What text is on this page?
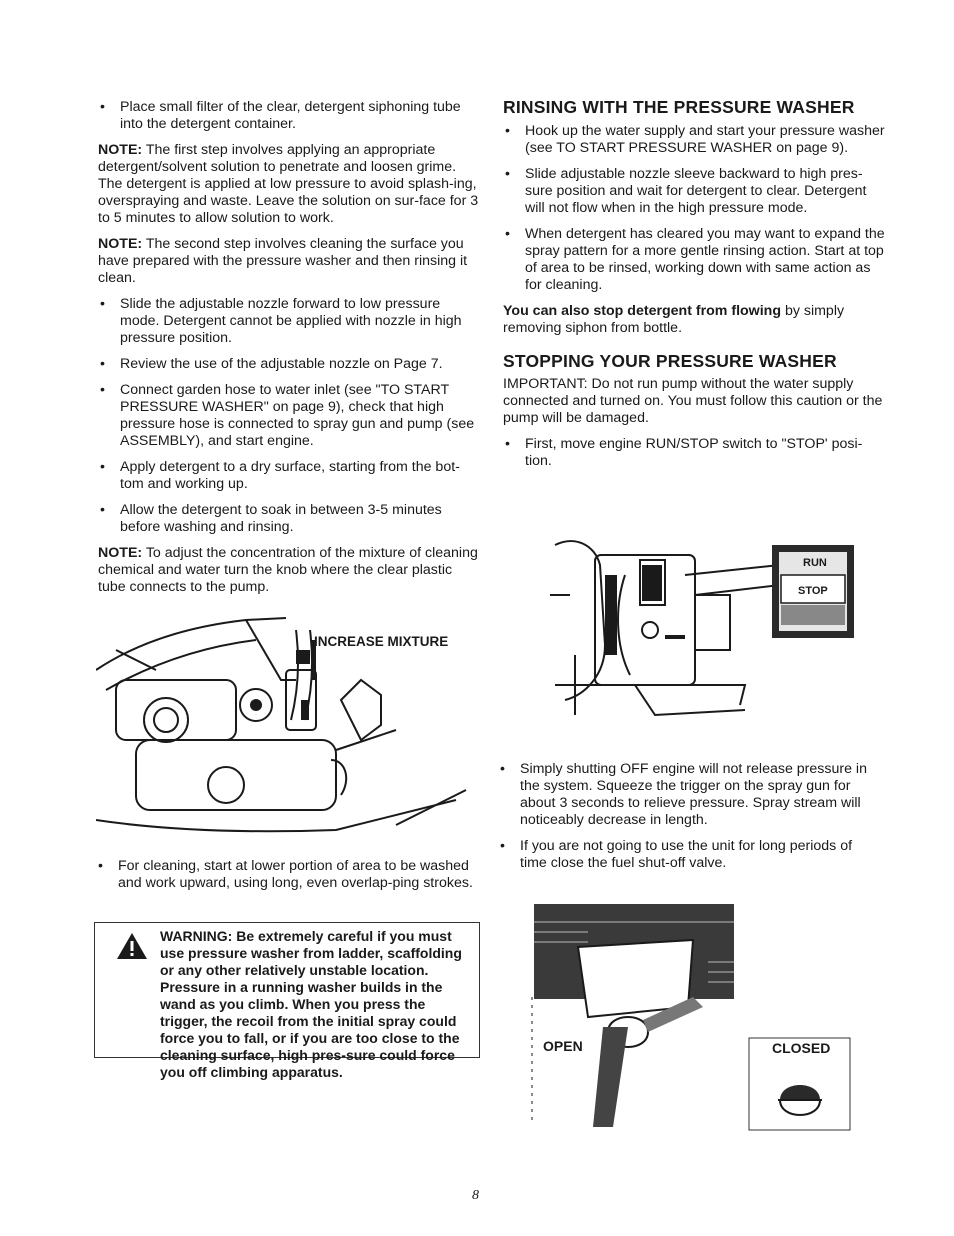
• Place small filter of the clear, detergent siphoning tube into the detergent container.

NOTE: The first step involves applying an appropriate detergent/solvent solution to penetrate and loosen grime. The detergent is applied at low pressure to avoid splash-ing, overspraying and waste. Leave the solution on sur-face for 3 to 5 minutes to allow solution to work.

NOTE: The second step involves cleaning the surface you have prepared with the pressure washer and then rinsing it clean.

• Slide the adjustable nozzle forward to low pressure mode. Detergent cannot be applied with nozzle in high pressure position.

• Review the use of the adjustable nozzle on Page 7.

• Connect garden hose to water inlet (see "TO START PRESSURE WASHER" on page 9), check that high pressure hose is connected to spray gun and pump (see ASSEMBLY), and start engine.

• Apply detergent to a dry surface, starting from the bot-tom and working up.

• Allow the detergent to soak in between 3-5 minutes before washing and rinsing.

NOTE: To adjust the concentration of the mixture of cleaning chemical and water turn the knob where the clear plastic tube connects to the pump.

INCREASE MIXTURE

• For cleaning, start at lower portion of area to be washed and work upward, using long, even overlap-ping strokes.

WARNING: Be extremely careful if you must use pressure washer from ladder, scaffolding or any other relatively unstable location. Pressure in a running washer builds in the wand as you climb. When you press the trigger, the recoil from the initial spray could force you to fall, or if you are too close to the cleaning surface, high pres-sure could force you off climbing apparatus.

RINSING WITH THE PRESSURE WASHER

• Hook up the water supply and start your pressure washer (see TO START PRESSURE WASHER on page 9).

• Slide adjustable nozzle sleeve backward to high pres-sure position and wait for detergent to clear. Detergent will not flow when in the high pressure mode.

• When detergent has cleared you may want to expand the spray pattern for a more gentle rinsing action. Start at top of area to be rinsed, working down with same action as for cleaning.

You can also stop detergent from flowing by simply removing siphon from bottle.

STOPPING YOUR PRESSURE WASHER

IMPORTANT: Do not run pump without the water supply connected and turned on. You must follow this caution or the pump will be damaged.

• First, move engine RUN/STOP switch to "STOP' posi-tion.

RUN
STOP

• Simply shutting OFF engine will not release pressure in the system. Squeeze the trigger on the spray gun for about 3 seconds to relieve pressure. Spray stream will noticeably decrease in length.

• If you are not going to use the unit for long periods of time close the fuel shut-off valve.

OPEN	CLOSED
8
